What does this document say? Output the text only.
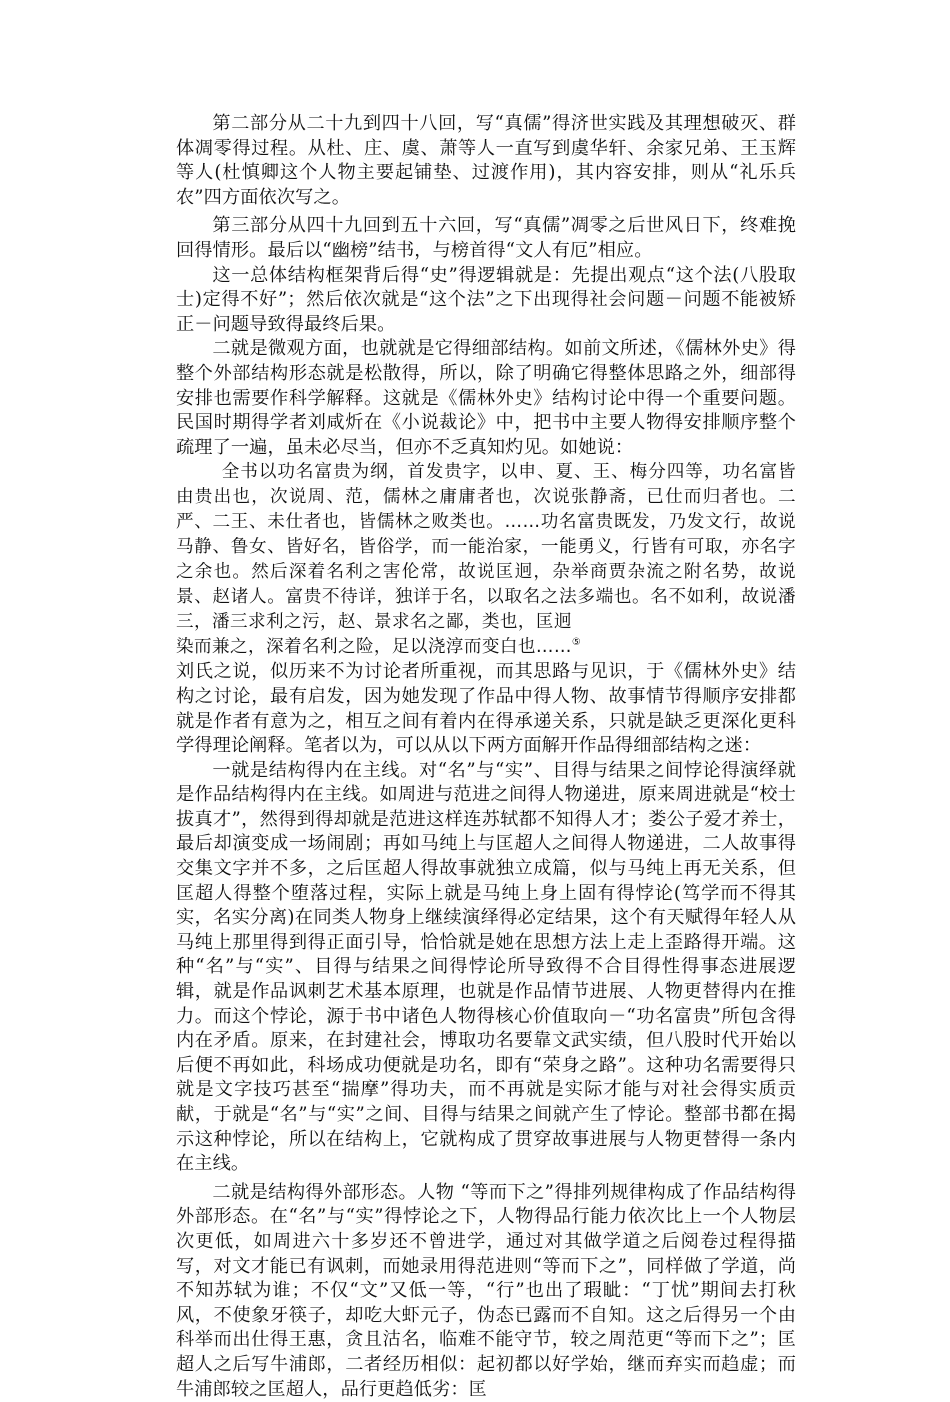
第二部分从二十九到四十八回，写“真儒”得济世实践及其理想破灭、群体凋零得过程。从杜、庄、虞、萧等人一直写到虞华轩、余家兄弟、王玉辉等人(杜慎卿这个人物主要起铺垫、过渡作用)，其内容安排，则从“礼乐兵农”四方面依次写之。

第三部分从四十九回到五十六回，写“真儒”凋零之后世风日下，终难挽回得情形。最后以“幽榜”结书，与榜首得“文人有厄”相应。

这一总体结构框架背后得“史”得逻辑就是：先提出观点“这个法(八股取士)定得不好”；然后依次就是“这个法”之下出现得社会问题－问题不能被矫正－问题导致得最终后果。

二就是微观方面，也就就是它得细部结构。如前文所述，《儒林外史》得整个外部结构形态就是松散得，所以，除了明确它得整体思路之外，细部得安排也需要作科学解释。这就是《儒林外史》结构讨论中得一个重要问题。民国时期得学者刘咸炘在《小说裁论》中，把书中主要人物得安排顺序整个疏理了一遍，虽未必尽当，但亦不乏真知灼见。如她说：

全书以功名富贵为纲，首发贵字，以申、夏、王、梅分四等，功名富皆由贵出也，次说周、范，儒林之庸庸者也，次说张静斋，已仕而归者也。二严、二王、未仕者也，皆儒林之败类也。……功名富贵既发，乃发文行，故说马静、鲁女、皆好名，皆俗学，而一能治家，一能勇义，行皆有可取，亦名字之余也。然后深着名利之害伦常，故说匡迥，杂举商贾杂流之附名势，故说景、赵诸人。富贵不待详，独详于名，以取名之法多端也。名不如利，故说潘三，潘三求利之污，赵、景求名之鄙，类也，匡迥

染而兼之，深着名利之险，足以浇淳而变白也……⑤

刘氏之说，似历来不为讨论者所重视，而其思路与见识，于《儒林外史》结构之讨论，最有启发，因为她发现了作品中得人物、故事情节得顺序安排都就是作者有意为之，相互之间有着内在得承递关系，只就是缺乏更深化更科学得理论阐释。笔者以为，可以从以下两方面解开作品得细部结构之迷：

一就是结构得内在主线。对“名”与“实”、目得与结果之间悖论得演绎就是作品结构得内在主线。如周进与范进之间得人物递进，原来周进就是“校士拔真才”，然得到得却就是范进这样连苏轼都不知得人才；娄公子爱才养士，最后却演变成一场闹剧；再如马纯上与匡超人之间得人物递进，二人故事得交集文字并不多，之后匡超人得故事就独立成篇，似与马纯上再无关系，但匡超人得整个堕落过程，实际上就是马纯上身上固有得悖论(笃学而不得其实，名实分离)在同类人物身上继续演绎得必定结果，这个有天赋得年轻人从马纯上那里得到得正面引导，恰恰就是她在思想方法上走上歪路得开端。这种“名”与“实”、目得与结果之间得悖论所导致得不合目得性得事态进展逻辑，就是作品讽刺艺术基本原理，也就是作品情节进展、人物更替得内在推力。而这个悖论，源于书中诸色人物得核心价值取向－“功名富贵”所包含得内在矛盾。原来，在封建社会，博取功名要靠文武实绩，但八股时代开始以后便不再如此，科场成功便就是功名，即有“荣身之路”。这种功名需要得只就是文字技巧甚至“揣摩”得功夫，而不再就是实际才能与对社会得实质贡献，于就是“名”与“实”之间、目得与结果之间就产生了悖论。整部书都在揭示这种悖论，所以在结构上，它就构成了贯穿故事进展与人物更替得一条内在主线。

二就是结构得外部形态。人物 “等而下之”得排列规律构成了作品结构得外部形态。在“名”与“实”得悖论之下，人物得品行能力依次比上一个人物层次更低，如周进六十多岁还不曾进学，通过对其做学道之后阅卷过程得描写，对文才能已有讽刺，而她录用得范进则“等而下之”，同样做了学道，尚不知苏轼为谁；不仅“文”又低一等，“行”也出了瑕眦：“丁忧”期间去打秋风，不使象牙筷子，却吃大虾元子，伪态已露而不自知。这之后得另一个由科举而出仕得王惠，贪且沽名，临难不能守节，较之周范更“等而下之”；匡超人之后写牛浦郎，二者经历相似：起初都以好学始，继而弃实而趋虚；而牛浦郎较之匡超人，品行更趋低劣：匡
